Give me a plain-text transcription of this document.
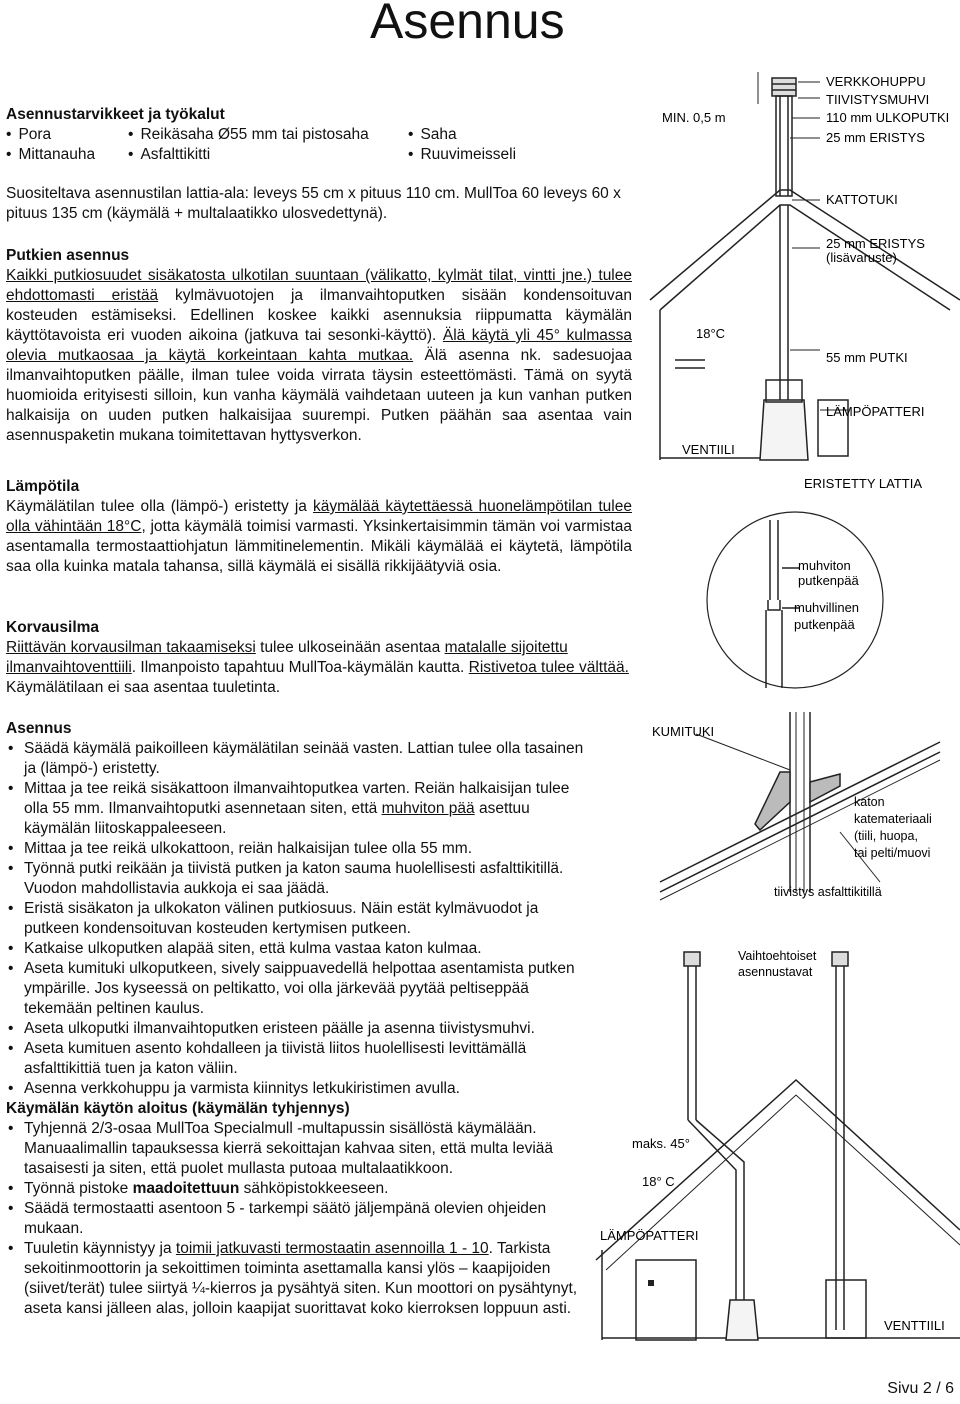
Asennus
Asennustarvikkeet ja työkalut
• Pora	• Reikäsaha Ø55 mm tai pistosaha	• Saha
• Mittanauha	• Asfalttikitti	• Ruuvimeisseli

Suositeltava asennustilan lattia-ala: leveys 55 cm x pituus 110 cm. MullToa 60 leveys 60 x pituus 135 cm (käymälä + multalaatikko ulosvedettynä).

Putkien asennus

Kaikki putkiosuudet sisäkatosta ulkotilan suuntaan (välikatto, kylmät tilat, vintti jne.) tulee ehdottomasti eristää kylmävuotojen ja ilmanvaihtoputken sisään kondensoituvan kosteuden estämiseksi. Edellinen koskee kaikki asennuksia riippumatta käymälän käyttötavoista eri vuoden aikoina (jatkuva tai sesonki-käyttö). Älä käytä yli 45° kulmassa olevia mutkaosaa ja käytä korkeintaan kahta mutkaa. Älä asenna nk. sadesuojaa ilmanvaihtoputken päälle, ilman tulee voida virrata täysin esteettömästi. Tämä on syytä huomioida erityisesti silloin, kun vanha käymälä vaihdetaan uuteen ja kun vanhan putken halkaisija on uuden putken halkaisijaa suurempi. Putken päähän saa asentaa vain asennuspaketin mukana toimitettavan hyttysverkon.

Lämpötila

Käymälätilan tulee olla (lämpö-) eristetty ja käymälää käytettäessä huonelämpötilan tulee olla vähintään 18°C, jotta käymälä toimisi varmasti. Yksinkertaisimmin tämän voi varmistaa asentamalla termostaattiohjatun lämmitinelementin. Mikäli käymälää ei käytetä, lämpötila saa olla kuinka matala tahansa, sillä käymälä ei sisällä rikkijäätyviä osia.

Korvausilma

Riittävän korvausilman takaamiseksi tulee ulkoseinään asentaa matalalle sijoitettu ilmanvaihtoventtiili. Ilmanpoisto tapahtuu MullToa-käymälän kautta. Ristivetoa tulee välttää. Käymälätilaan ei saa asentaa tuuletinta.

Asennus

• Säädä käymälä paikoilleen käymälätilan seinää vasten. Lattian tulee olla tasainen ja (lämpö-) eristetty.
• Mittaa ja tee reikä sisäkattoon ilmanvaihtoputkea varten. Reiän halkaisijan tulee olla 55 mm. Ilmanvaihtoputki asennetaan siten, että muhviton pää asettuu käymälän liitoskappaleeseen.
• Mittaa ja tee reikä ulkokattoon, reiän halkaisijan tulee olla 55 mm.
• Työnnä putki reikään ja tiivistä putken ja katon sauma huolellisesti asfalttikitillä. Vuodon mahdollistavia aukkoja ei saa jäädä.
• Eristä sisäkaton ja ulkokaton välinen putkiosuus. Näin estät kylmävuodot ja putkeen kondensoituvan kosteuden kertymisen putkeen.
• Katkaise ulkoputken alapää siten, että kulma vastaa katon kulmaa.
• Aseta kumituki ulkoputkeen, sively saippuavedellä helpottaa asentamista putken ympärille. Jos kyseessä on peltikatto, voi olla järkevää pyytää peltiseppää tekemään peltinen kaulus.
• Aseta ulkoputki ilmanvaihtoputken eristeen päälle ja asenna tiivistysmuhvi.
• Aseta kumituen asento kohdalleen ja tiivistä liitos huolellisesti levittämällä asfalttikittiä tuen ja katon väliin.
• Asenna verkkohuppu ja varmista kiinnitys letkukiristimen avulla.

Käymälän käytön aloitus (käymälän tyhjennys)

• Tyhjennä 2/3-osaa MullToa Specialmull -multapussin sisällöstä käymälään. Manuaalimallin tapauksessa kierrä sekoittajan kahvaa siten, että multa leviää tasaisesti ja siten, että puolet mullasta putoaa multalaatikkoon.
• Työnnä pistoke maadoitettuun sähköpistokkeeseen.
• Säädä termostaatti asentoon 5 - tarkempi säätö jäljempänä olevien ohjeiden mukaan.
• Tuuletin käynnistyy ja toimii jatkuvasti termostaatin asennoilla 1 - 10. Tarkista sekoitinmoottorin ja sekoittimen toiminta asettamalla kansi ylös – kaapijoiden (siivet/terät) tulee siirtyä ¼-kierros ja pysähtyä siten. Kun moottori on pysähtynyt, aseta kansi jälleen alas, jolloin kaapijat suorittavat koko kierroksen loppuun asti.
MIN. 0,5 m
VERKKOHUPPU
TIIVISTYSMUHVI
110 mm ULKOPUTKI
25 mm ERISTYS
KATTOTUKI
25 mm ERISTYS
(lisävaruste)
18°C
55 mm PUTKI
LÄMPÖPATTERI
VENTIILI
ERISTETTY LATTIA
muhviton
putkenpää
muhvillinen
putkenpää
KUMITUKI
katon
katemateriaali
(tiili, huopa,
tai pelti/muovi
tiivistys asfalttikitillä
Vaihtoehtoiset
asennustavat
maks. 45°
18° C
LÄMPÖPATTERI
VENTTIILI
Sivu 2 / 6
